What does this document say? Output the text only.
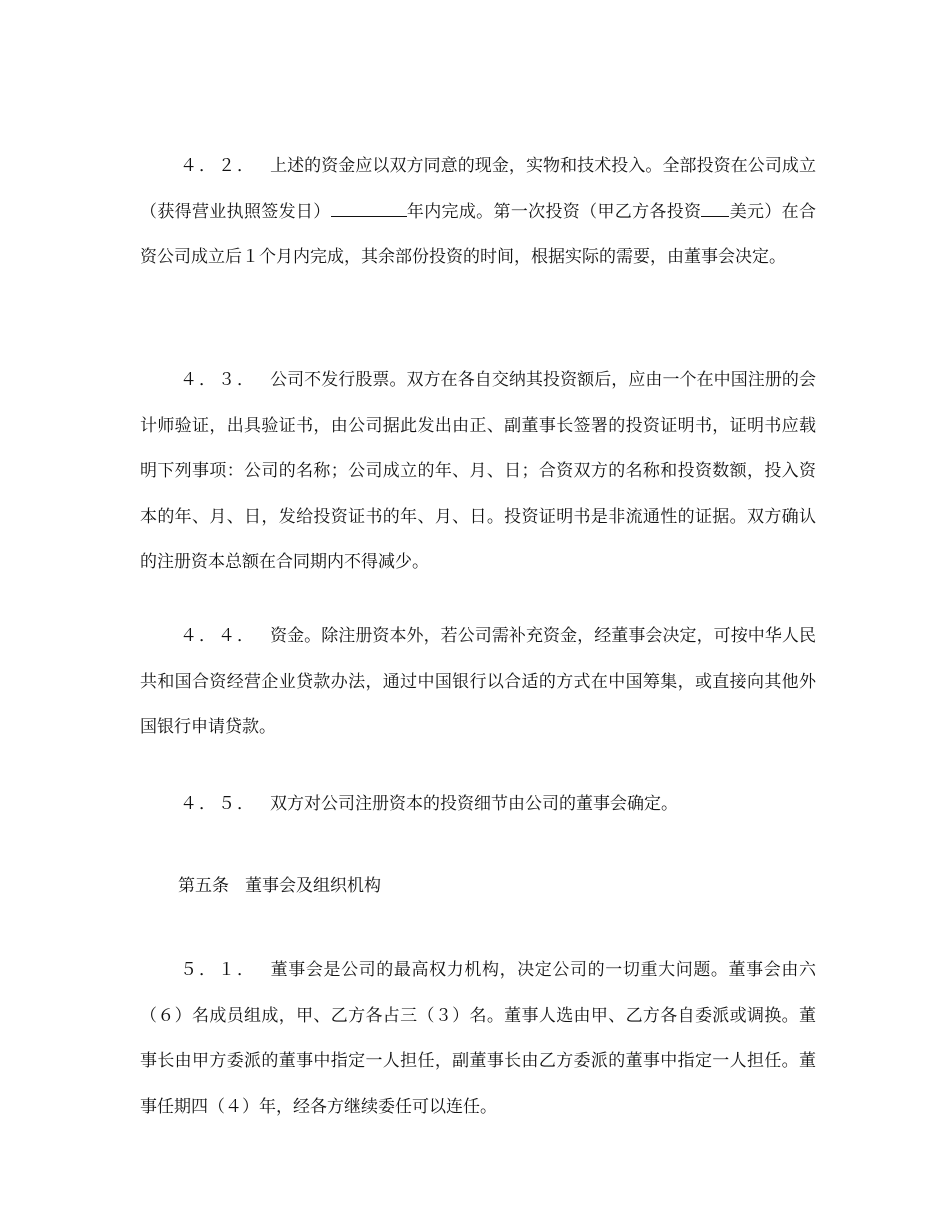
４．２． 上述的资金应以双方同意的现金，实物和技术投入。全部投资在公司成立（获得营业执照签发日）	年内完成。第一次投资（甲乙方各投资 美元）在合资公司成立后１个月内完成，其余部份投资的时间，根据实际的需要，由董事会决定。
４．３． 公司不发行股票。双方在各自交纳其投资额后，应由一个在中国注册的会计师验证，出具验证书，由公司据此发出由正、副董事长签署的投资证明书，证明书应载明下列事项：公司的名称；公司成立的年、月、日；合资双方的名称和投资数额，投入资本的年、月、日，发给投资证书的年、月、日。投资证明书是非流通性的证据。双方确认的注册资本总额在合同期内不得减少。
４．４． 资金。除注册资本外，若公司需补充资金，经董事会决定，可按中华人民共和国合资经营企业贷款办法，通过中国银行以合适的方式在中国筹集，或直接向其他外国银行申请贷款。
４．５． 双方对公司注册资本的投资细节由公司的董事会确定。
第五条 董事会及组织机构
５．１． 董事会是公司的最高权力机构，决定公司的一切重大问题。董事会由六（６）名成员组成，甲、乙方各占三（３）名。董事人选由甲、乙方各自委派或调换。董事长由甲方委派的董事中指定一人担任，副董事长由乙方委派的董事中指定一人担任。董事任期四（４）年，经各方继续委任可以连任。
